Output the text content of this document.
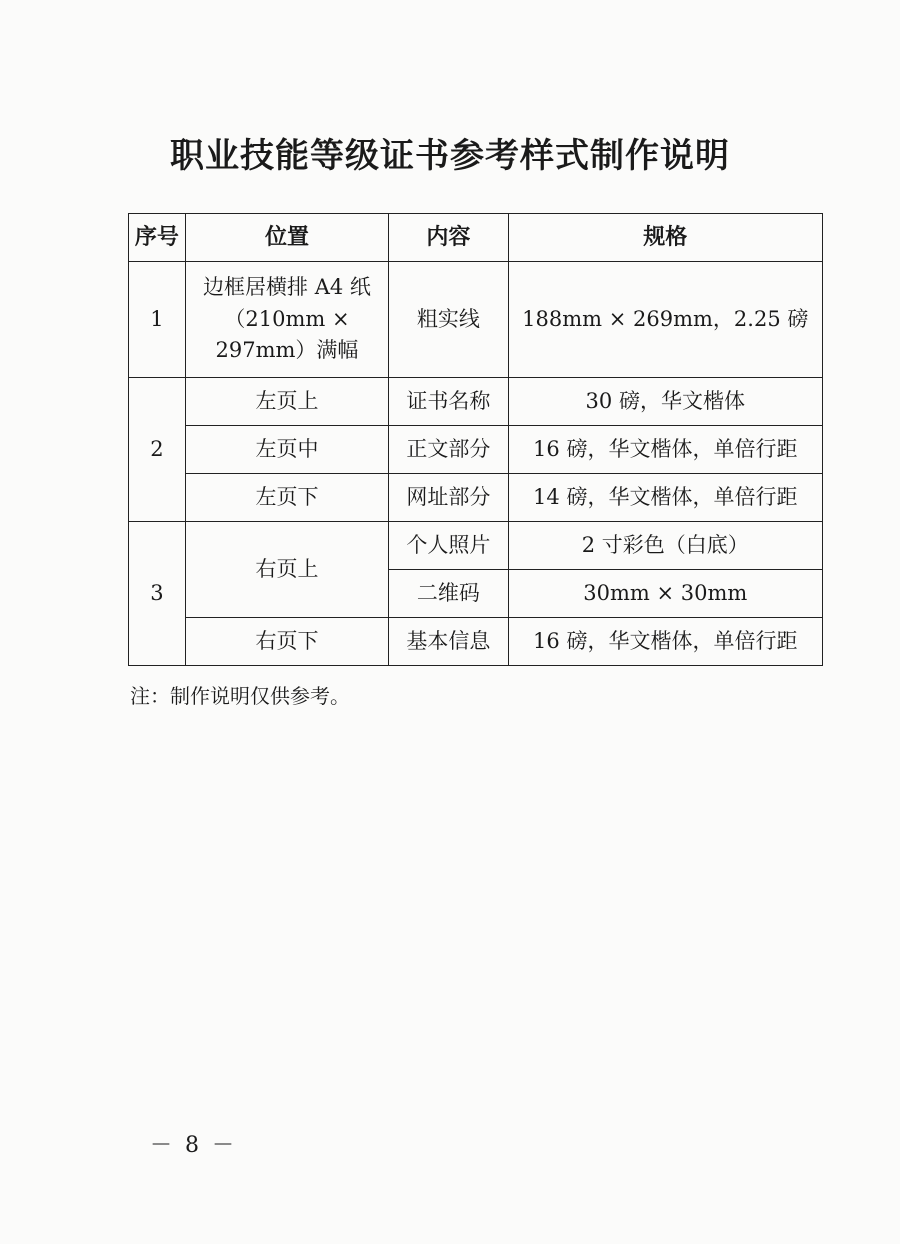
职业技能等级证书参考样式制作说明
序号	位置	内容	规格
1	边框居横排 A4 纸（210mm × 297mm）满幅	粗实线	188mm × 269mm，2.25 磅
2	左页上	证书名称	30 磅，华文楷体
	左页中	正文部分	16 磅，华文楷体，单倍行距
	左页下	网址部分	14 磅，华文楷体，单倍行距
3	右页上	个人照片	2 寸彩色（白底）
		二维码	30mm × 30mm
	右页下	基本信息	16 磅，华文楷体，单倍行距
注：制作说明仅供参考。
－ 8 －
